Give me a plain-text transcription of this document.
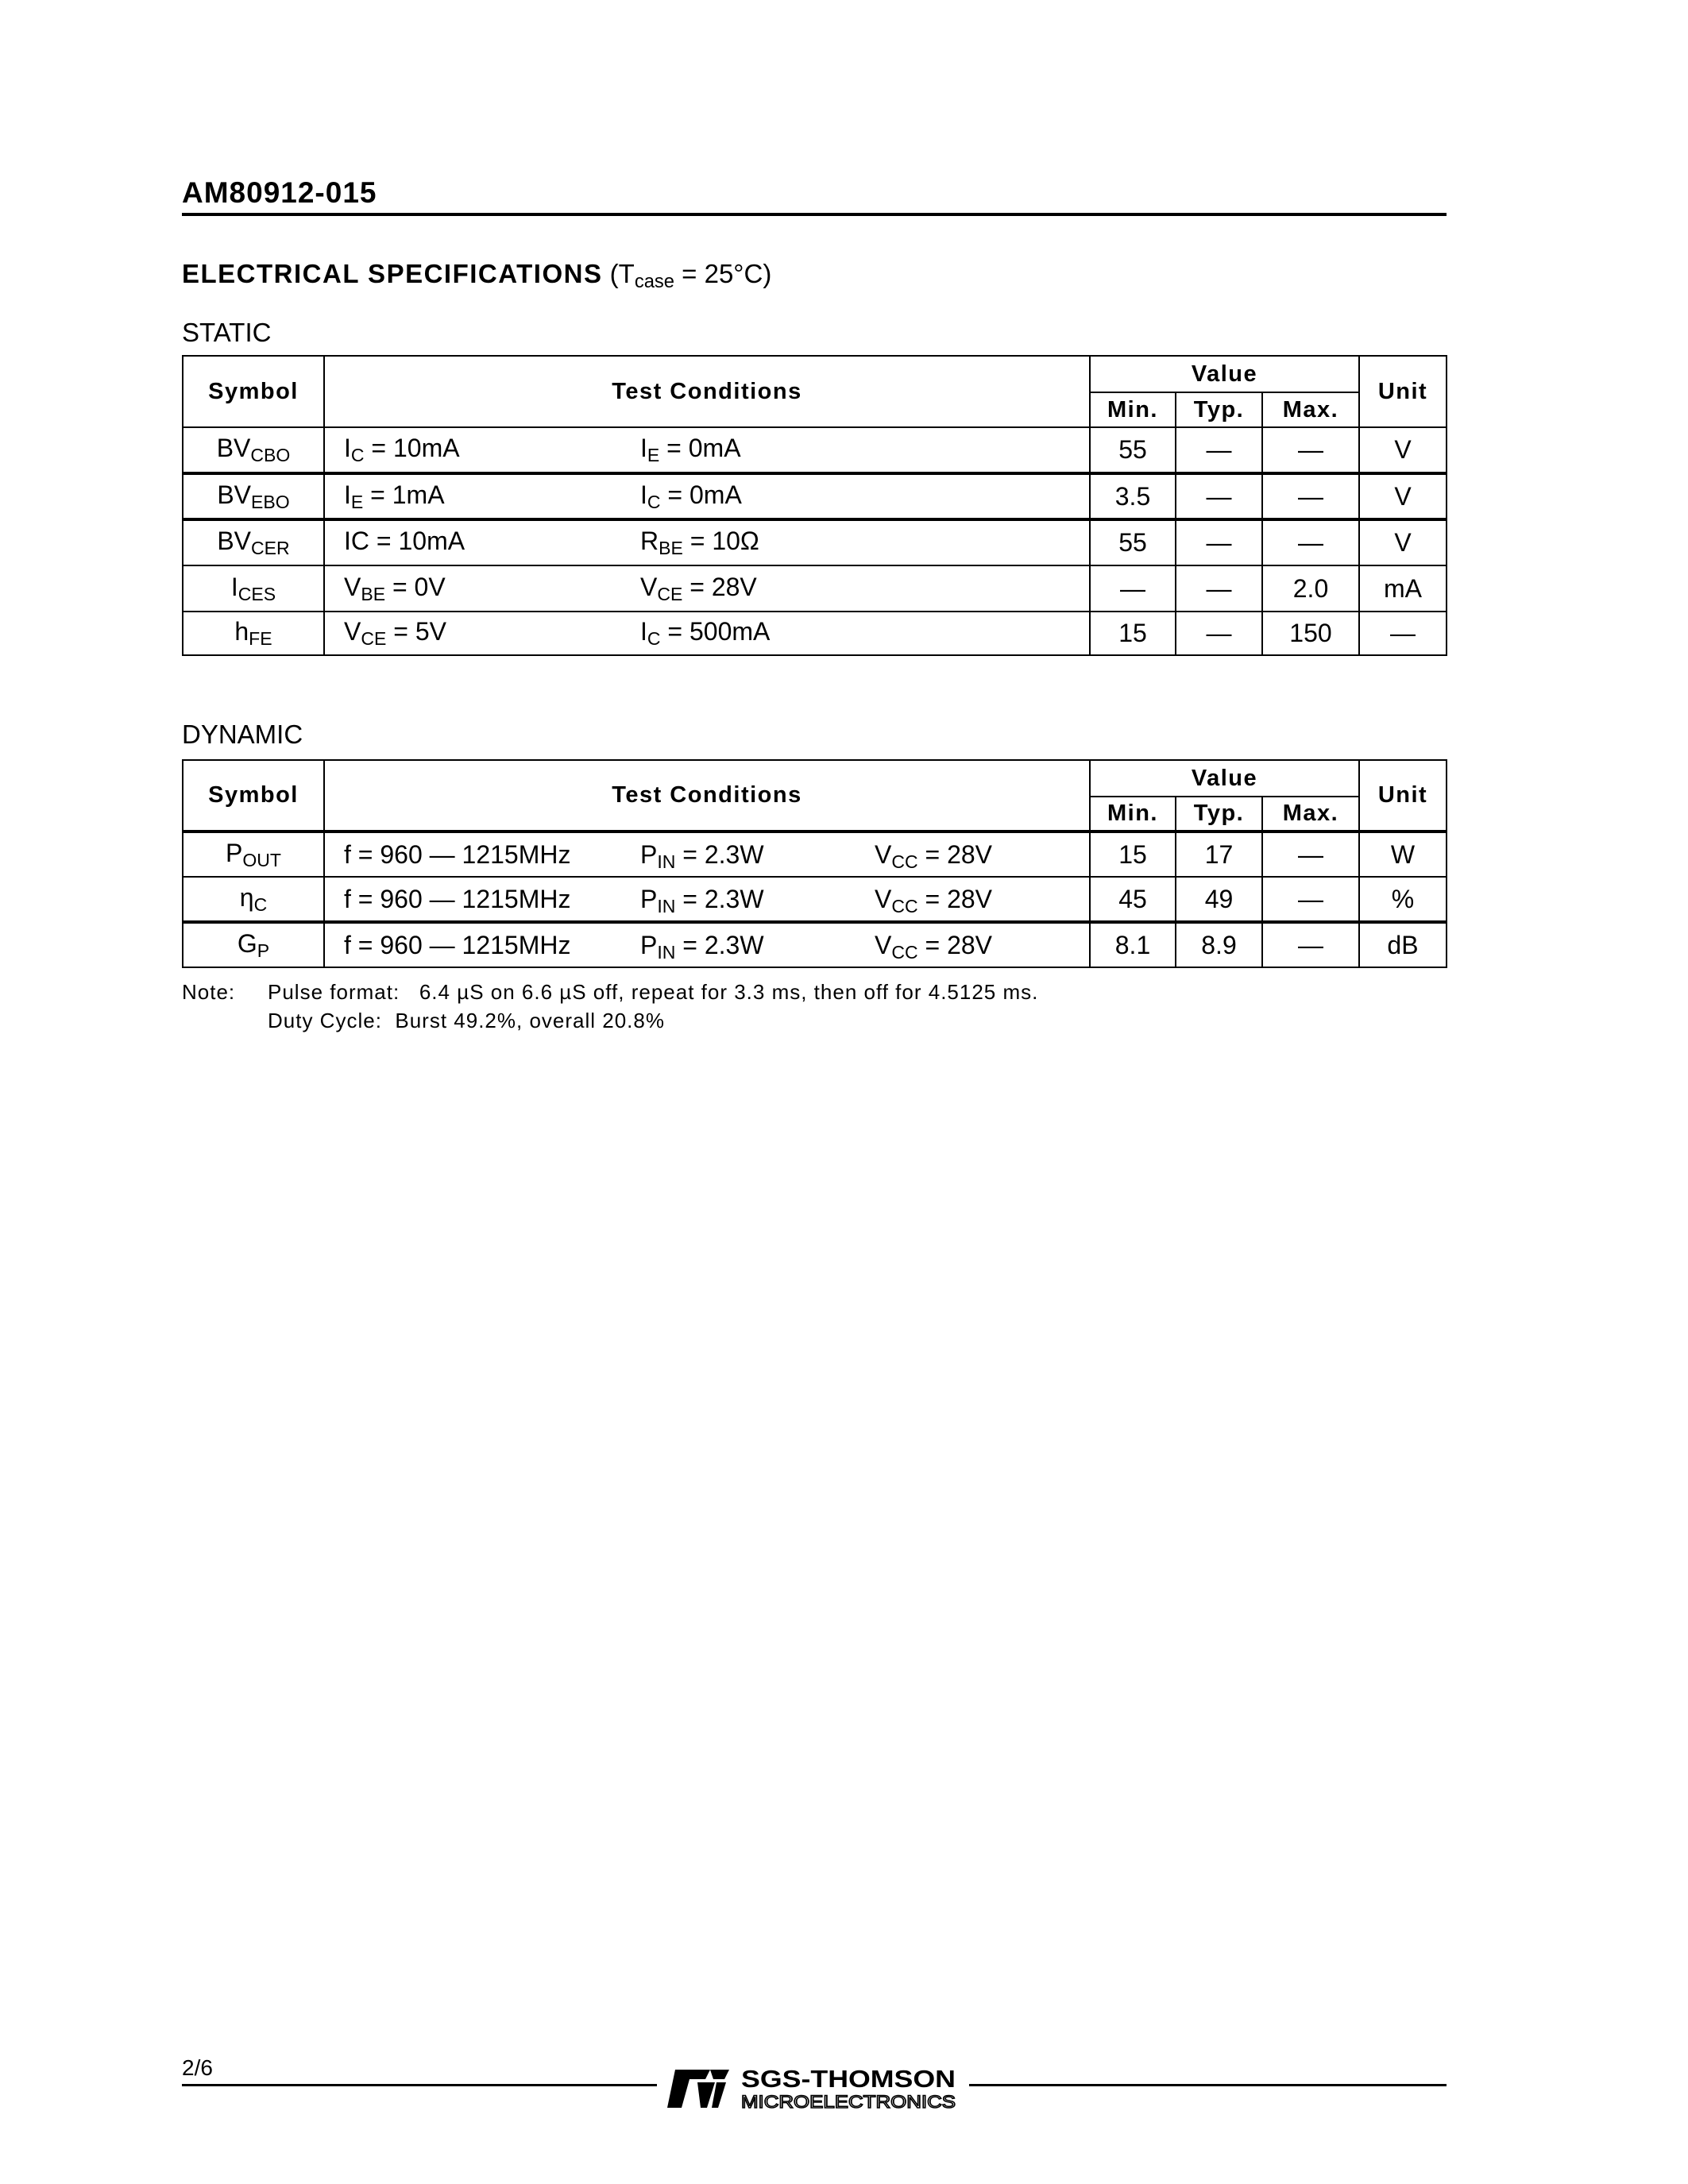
AM80912-015
ELECTRICAL SPECIFICATIONS $(T_{case} = 25^\circ C)$
STATIC
Symbol	Test Conditions	Value			Unit
		Min.	Typ.	Max.	
$BV_{CBO}$	$I_C = 10mA$ $I_E = 0mA$	55	—	—	V
$BV_{EBO}$	$I_E = 1mA$ $I_C = 0mA$	3.5	—	—	V
$BV_{CER}$	IC = 10mA $R_{BE} = 10\Omega$	55	—	—	V
$I_{CES}$	$V_{BE} = 0V$ $V_{CE} = 28V$	—	—	2.0	mA
$h_{FE}$	$V_{CE} = 5V$ $I_C = 500mA$	15	—	150	—
DYNAMIC
Symbol	Test Conditions	Value			Unit
		Min.	Typ.	Max.	
$P_{OUT}$	f = 960 — 1215MHz $P_{IN} = 2.3W$ $V_{CC} = 28V$	15	17	—	W
$\eta_C$	f = 960 — 1215MHz $P_{IN} = 2.3W$ $V_{CC} = 28V$	45	49	—	%
$G_P$	f = 960 — 1215MHz $P_{IN} = 2.3W$ $V_{CC} = 28V$	8.1	8.9	—	dB
Note: Pulse format:   6.4 µS on 6.6 µS off, repeat for 3.3 ms, then off for 4.5125 ms.
Duty Cycle:  Burst 49.2%, overall 20.8%
2/6	SGS-THOMSON
MICROELECTRONICS
